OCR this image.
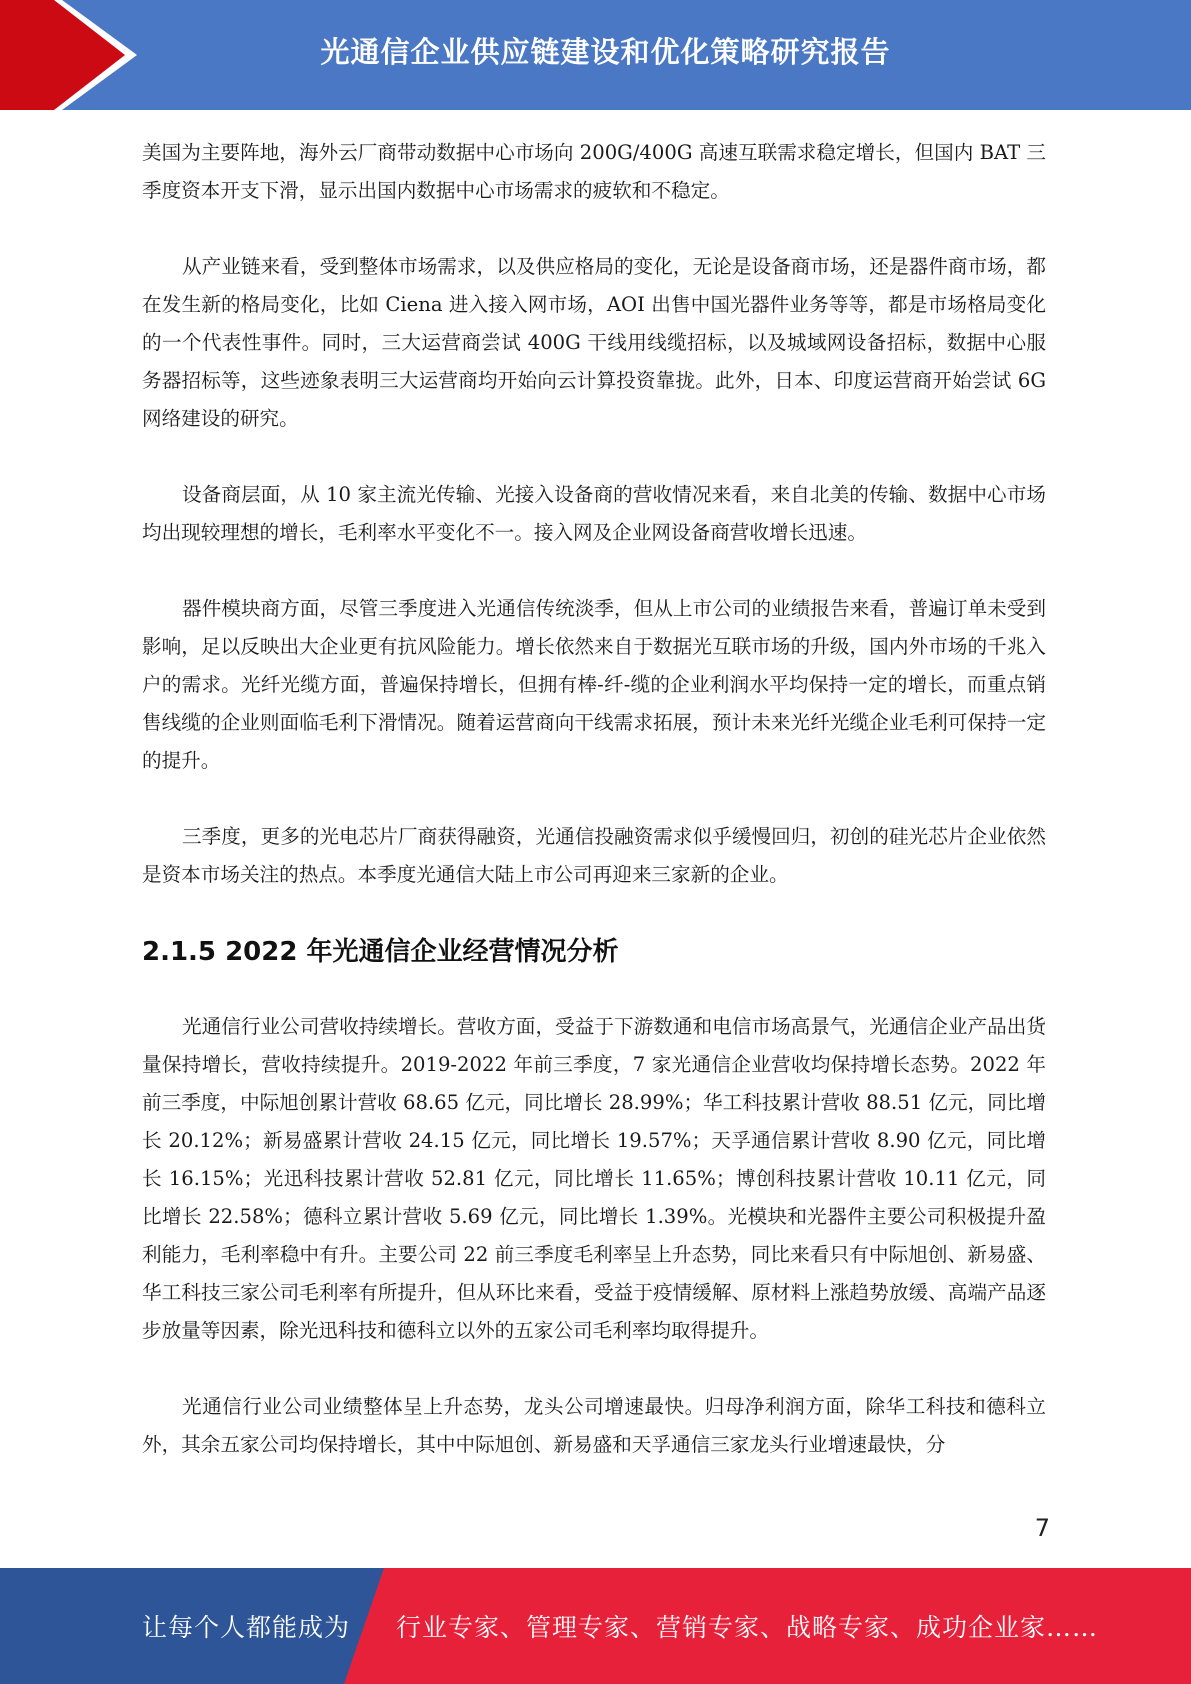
光通信企业供应链建设和优化策略研究报告

美国为主要阵地，海外云厂商带动数据中心市场向 200G/400G 高速互联需求稳定增长，但国内 BAT 三季度资本开支下滑，显示出国内数据中心市场需求的疲软和不稳定。

从产业链来看，受到整体市场需求，以及供应格局的变化，无论是设备商市场，还是器件商市场，都在发生新的格局变化，比如 Ciena 进入接入网市场，AOI 出售中国光器件业务等等，都是市场格局变化的一个代表性事件。同时，三大运营商尝试 400G 干线用线缆招标，以及城域网设备招标，数据中心服务器招标等，这些迹象表明三大运营商均开始向云计算投资靠拢。此外，日本、印度运营商开始尝试 6G 网络建设的研究。

设备商层面，从 10 家主流光传输、光接入设备商的营收情况来看，来自北美的传输、数据中心市场均出现较理想的增长，毛利率水平变化不一。接入网及企业网设备商营收增长迅速。

器件模块商方面，尽管三季度进入光通信传统淡季，但从上市公司的业绩报告来看，普遍订单未受到影响，足以反映出大企业更有抗风险能力。增长依然来自于数据光互联市场的升级，国内外市场的千兆入户的需求。光纤光缆方面，普遍保持增长，但拥有棒-纤-缆的企业利润水平均保持一定的增长，而重点销售线缆的企业则面临毛利下滑情况。随着运营商向干线需求拓展，预计未来光纤光缆企业毛利可保持一定的提升。

三季度，更多的光电芯片厂商获得融资，光通信投融资需求似乎缓慢回归，初创的硅光芯片企业依然是资本市场关注的热点。本季度光通信大陆上市公司再迎来三家新的企业。

2.1.5 2022 年光通信企业经营情况分析

光通信行业公司营收持续增长。营收方面，受益于下游数通和电信市场高景气，光通信企业产品出货量保持增长，营收持续提升。2019-2022 年前三季度，7 家光通信企业营收均保持增长态势。2022 年前三季度，中际旭创累计营收 68.65 亿元，同比增长 28.99%；华工科技累计营收 88.51 亿元，同比增长 20.12%；新易盛累计营收 24.15 亿元，同比增长 19.57%；天孚通信累计营收 8.90 亿元，同比增长 16.15%；光迅科技累计营收 52.81 亿元，同比增长 11.65%；博创科技累计营收 10.11 亿元，同比增长 22.58%；德科立累计营收 5.69 亿元，同比增长 1.39%。光模块和光器件主要公司积极提升盈利能力，毛利率稳中有升。主要公司 22 前三季度毛利率呈上升态势，同比来看只有中际旭创、新易盛、华工科技三家公司毛利率有所提升，但从环比来看，受益于疫情缓解、原材料上涨趋势放缓、高端产品逐步放量等因素，除光迅科技和德科立以外的五家公司毛利率均取得提升。

光通信行业公司业绩整体呈上升态势，龙头公司增速最快。归母净利润方面，除华工科技和德科立外，其余五家公司均保持增长，其中中际旭创、新易盛和天孚通信三家龙头行业增速最快，分

7
让每个人都能成为 行业专家、管理专家、营销专家、战略专家、成功企业家……
